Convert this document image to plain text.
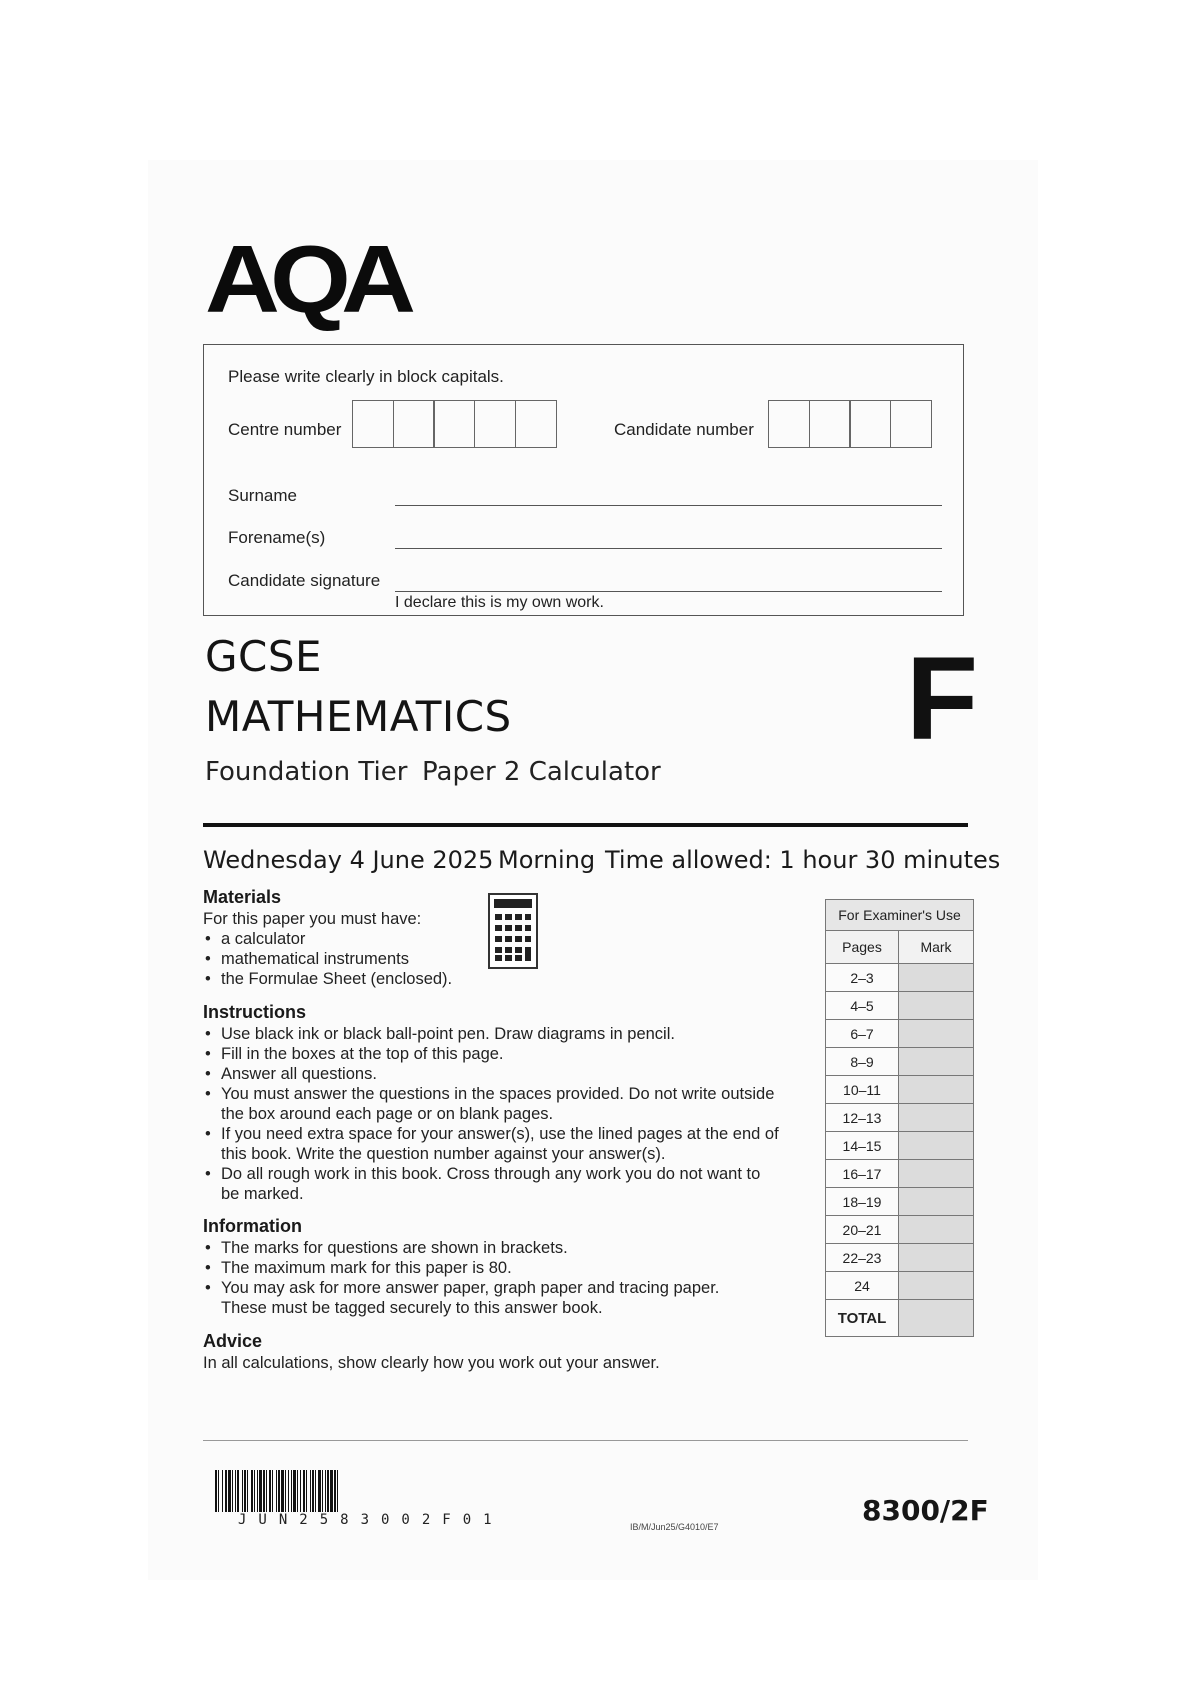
AQA
Please write clearly in block capitals.
Centre number	Candidate number
Surname
Forename(s)
Candidate signature
I declare this is my own work.
GCSE
MATHEMATICS	F
Foundation Tier Paper 2 Calculator
Wednesday 4 June 2025 Morning Time allowed: 1 hour 30 minutes
Materials
For this paper you must have:
• a calculator
• mathematical instruments
• the Formulae Sheet (enclosed).
Instructions
• Use black ink or black ball-point pen. Draw diagrams in pencil.
• Fill in the boxes at the top of this page.
• Answer all questions.
• You must answer the questions in the spaces provided. Do not write outside the box around each page or on blank pages.
• If you need extra space for your answer(s), use the lined pages at the end of this book. Write the question number against your answer(s).
• Do all rough work in this book. Cross through any work you do not want to be marked.
Information
• The marks for questions are shown in brackets.
• The maximum mark for this paper is 80.
• You may ask for more answer paper, graph paper and tracing paper. These must be tagged securely to this answer book.
Advice
In all calculations, show clearly how you work out your answer.
For Examiner's Use	
Pages	Mark
2–3	
4–5	
6–7	
8–9	
10–11	
12–13	
14–15	
16–17	
18–19	
20–21	
22–23	
24	
TOTAL	
JUN2583002F01	IB/M/Jun25/G4010/E7	8300/2F
